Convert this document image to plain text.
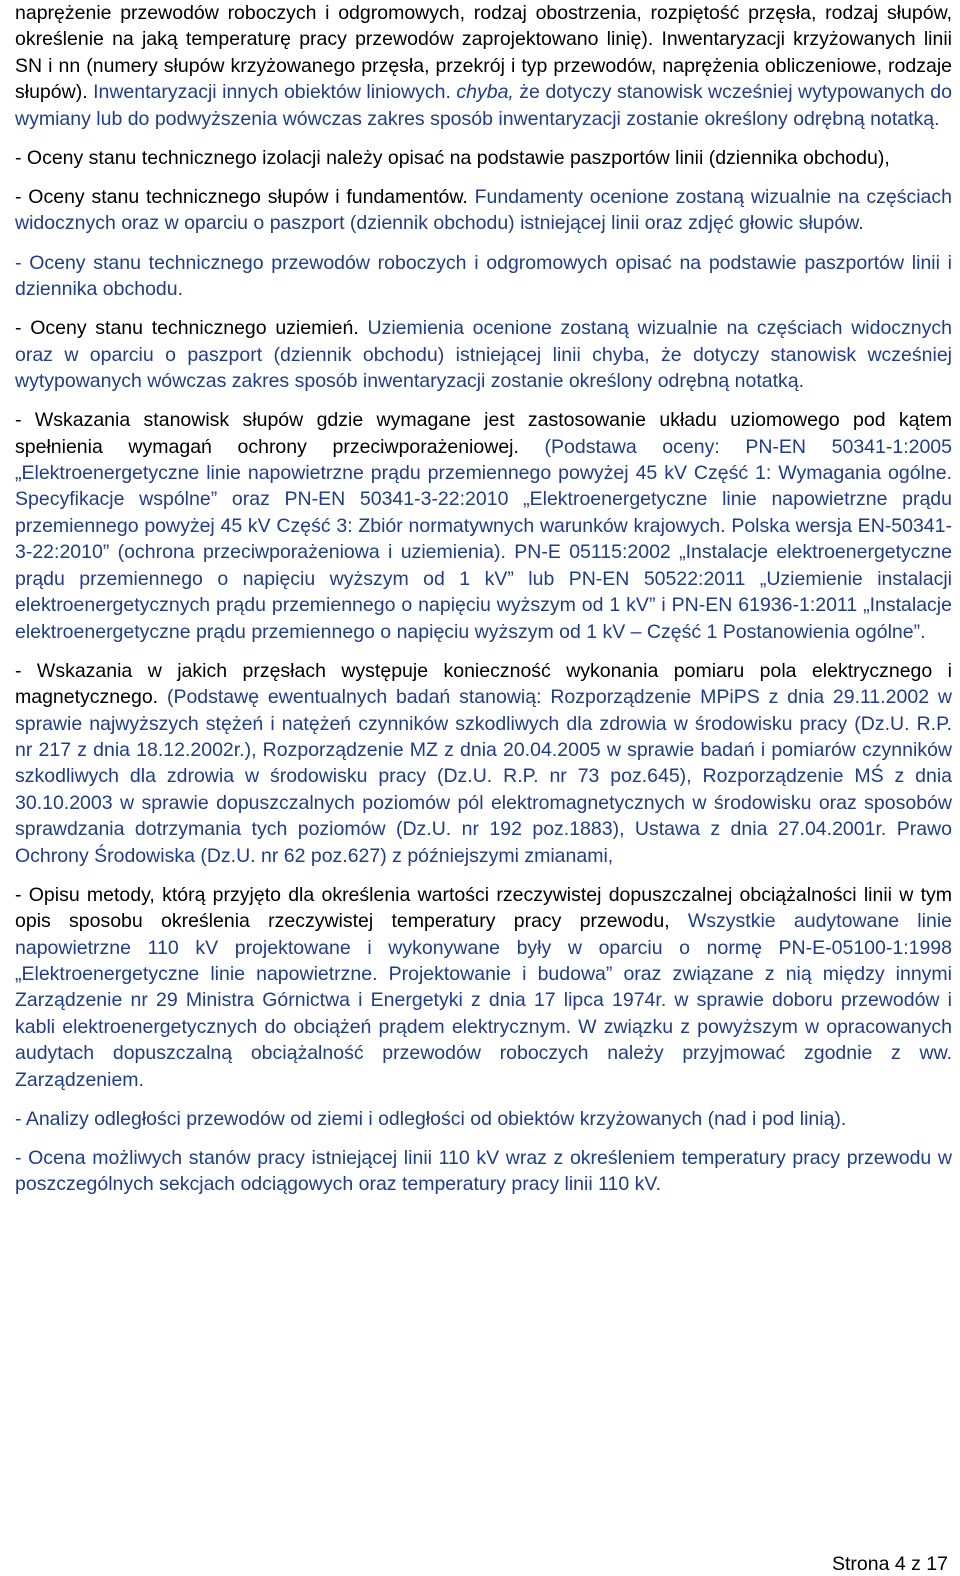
naprężenie przewodów roboczych i odgromowych, rodzaj obostrzenia, rozpiętość przęsła, rodzaj słupów, określenie na jaką temperaturę pracy przewodów zaprojektowano linię). Inwentaryzacji krzyżowanych linii SN i nn (numery słupów krzyżowanego przęsła, przekrój i typ przewodów, naprężenia obliczeniowe, rodzaje słupów). Inwentaryzacji innych obiektów liniowych. chyba, że dotyczy stanowisk wcześniej wytypowanych do wymiany lub do podwyższenia wówczas zakres sposób inwentaryzacji zostanie określony odrębną notatką.

- Oceny stanu technicznego izolacji należy opisać na podstawie paszportów linii (dziennika obchodu),

- Oceny stanu technicznego słupów i fundamentów. Fundamenty ocenione zostaną wizualnie na częściach widocznych oraz w oparciu o paszport (dziennik obchodu) istniejącej linii oraz zdjęć głowic słupów.

- Oceny stanu technicznego przewodów roboczych i odgromowych opisać na podstawie paszportów linii i dziennika obchodu.

- Oceny stanu technicznego uziemień. Uziemienia ocenione zostaną wizualnie na częściach widocznych oraz w oparciu o paszport (dziennik obchodu) istniejącej linii chyba, że dotyczy stanowisk wcześniej wytypowanych wówczas zakres sposób inwentaryzacji zostanie określony odrębną notatką.

- Wskazania stanowisk słupów gdzie wymagane jest zastosowanie układu uziomowego pod kątem spełnienia wymagań ochrony przeciwporażeniowej. (Podstawa oceny: PN-EN 50341-1:2005 „Elektroenergetyczne linie napowietrzne prądu przemiennego powyżej 45 kV Część 1: Wymagania ogólne. Specyfikacje wspólne” oraz PN-EN 50341-3-22:2010 „Elektroenergetyczne linie napowietrzne prądu przemiennego powyżej 45 kV Część 3: Zbiór normatywnych warunków krajowych. Polska wersja EN-50341-3-22:2010” (ochrona przeciwporażeniowa i uziemienia). PN-E 05115:2002 „Instalacje elektroenergetyczne prądu przemiennego o napięciu wyższym od 1 kV” lub PN-EN 50522:2011 „Uziemienie instalacji elektroenergetycznych prądu przemiennego o napięciu wyższym od 1 kV” i PN-EN 61936-1:2011 „Instalacje elektroenergetyczne prądu przemiennego o napięciu wyższym od 1 kV – Część 1 Postanowienia ogólne”.

- Wskazania w jakich przęsłach występuje konieczność wykonania pomiaru pola elektrycznego i magnetycznego. (Podstawę ewentualnych badań stanowią: Rozporządzenie MPiPS z dnia 29.11.2002 w sprawie najwyższych stężeń i natężeń czynników szkodliwych dla zdrowia w środowisku pracy (Dz.U. R.P. nr 217 z dnia 18.12.2002r.), Rozporządzenie MZ z dnia 20.04.2005 w sprawie badań i pomiarów czynników szkodliwych dla zdrowia w środowisku pracy (Dz.U. R.P. nr 73 poz.645), Rozporządzenie MŚ z dnia 30.10.2003 w sprawie dopuszczalnych poziomów pól elektromagnetycznych w środowisku oraz sposobów sprawdzania dotrzymania tych poziomów (Dz.U. nr 192 poz.1883), Ustawa z dnia 27.04.2001r. Prawo Ochrony Środowiska (Dz.U. nr 62 poz.627) z późniejszymi zmianami,

- Opisu metody, którą przyjęto dla określenia wartości rzeczywistej dopuszczalnej obciążalności linii w tym opis sposobu określenia rzeczywistej temperatury pracy przewodu, Wszystkie audytowane linie napowietrzne 110 kV projektowane i wykonywane były w oparciu o normę PN-E-05100-1:1998 „Elektroenergetyczne linie napowietrzne. Projektowanie i budowa” oraz związane z nią między innymi Zarządzenie nr 29 Ministra Górnictwa i Energetyki z dnia 17 lipca 1974r. w sprawie doboru przewodów i kabli elektroenergetycznych do obciążeń prądem elektrycznym. W związku z powyższym w opracowanych audytach dopuszczalną obciążalność przewodów roboczych należy przyjmować zgodnie z ww. Zarządzeniem.

- Analizy odległości przewodów od ziemi i odległości od obiektów krzyżowanych (nad i pod linią).

- Ocena możliwych stanów pracy istniejącej linii 110 kV wraz z określeniem temperatury pracy przewodu w poszczególnych sekcjach odciągowych oraz temperatury pracy linii 110 kV.

Strona 4 z 17
